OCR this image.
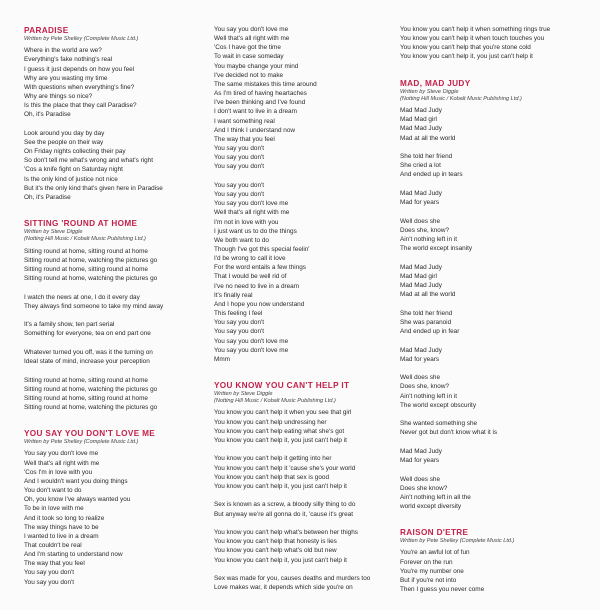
PARADISE
Written by Pete Shelley (Complete Music Ltd.)
Where in the world are we?
Everything's fake nothing's real
I guess it just depends on how you feel
Why are you wasting my time
With questions when everything's fine?
Why are things so nice?
Is this the place that they call Paradise?
Oh, it's Paradise
Look around you day by day
See the people on their way
On Friday nights collecting their pay
So don't tell me what's wrong and what's right
'Cos a knife fight on Saturday night
Is the only kind of justice not nice
But it's the only kind that's given here in Paradise
Oh, it's Paradise
SITTING 'ROUND AT HOME
Written by Steve Diggle
(Notting Hill Music / Kobalt Music Publishing Ltd.)
Sitting round at home, sitting round at home
Sitting round at home, watching the pictures go
Sitting round at home, sitting round at home
Sitting round at home, watching the pictures go
I watch the news at one, I do it every day
They always find someone to take my mind away
It's a family show, ten part serial
Something for everyone, tea on end part one
Whatever turned you off, was it the turning on
Ideal state of mind, increase your perception
Sitting round at home, sitting round at home
Sitting round at home, watching the pictures go
Sitting round at home, sitting round at home
Sitting round at home, watching the pictures go
YOU SAY YOU DON'T LOVE ME
Written by Pete Shelley (Complete Music Ltd.)
You say you don't love me
Well that's all right with me
'Cos I'm in love with you
And I wouldn't want you doing things
You don't want to do
Oh, you know I've always wanted you
To be in love with me
And it took so long to realize
The way things have to be
I wanted to live in a dream
That couldn't be real
And I'm starting to understand now
The way that you feel
You say you don't
You say you don't
You say you don't love me
Well that's all right with me
'Cos I have got the time
To wait in case someday
You maybe change your mind
I've decided not to make
The same mistakes this time around
As I'm tired of having heartaches
I've been thinking and I've found
I don't want to live in a dream
I want something real
And I think I understand now
The way that you feel
You say you don't
You say you don't
You say you don't
You say you don't
You say you don't
You say you don't love me
Well that's all right with me
I'm not in love with you
I just want us to do the things
We both want to do
Though I've got this special feelin'
I'd be wrong to call it love
For the word entails a few things
That I would be well rid of
I've no need to live in a dream
It's finally real
And I hope you now understand
This feeling I feel
You say you don't
You say you don't
You say you don't love me
You say you don't love me
Mmm
YOU KNOW YOU CAN'T HELP IT
Written by Steve Diggle
(Notting Hill Music / Kobalt Music Publishing Ltd.)
You know you can't help it when you see that girl
You know you can't help undressing her
You know you can't help eating what she's got
You know you can't help it, you just can't help it
You know you can't help it getting into her
You know you can't help it 'cause she's your world
You know you can't help that sex is good
You know you can't help it, you just can't help it
Sex is known as a screw, a bloody silly thing to do
But anyway we're all gonna do it, 'cause it's great
You know you can't help what's between her thighs
You know you can't help that honesty is lies
You know you can't help what's old but new
You know you can't help it, you just can't help it
Sex was made for you, causes deaths and murders too
Love makes war, it depends which side you're on
You know you can't help it when something rings true
You know you can't help it when touch touches you
You know you can't help that you're stone cold
You know you can't help it, you just can't help it
MAD, MAD JUDY
Written by Steve Diggle
(Notting Hill Music / Kobalt Music Publishing Ltd.)
Mad Mad Judy
Mad Mad girl
Mad Mad Judy
Mad at all the world
She told her friend
She cried a lot
And ended up in tears
Mad Mad Judy
Mad for years
Well does she
Does she, know?
Ain't nothing left in it
The world except insanity
Mad Mad Judy
Mad Mad girl
Mad Mad Judy
Mad at all the world
She told her friend
She was paranoid
And ended up in fear
Mad Mad Judy
Mad for years
Well does she
Does she, know?
Ain't nothing left in it
The world except obscurity
She wanted something she
Never got but don't know what it is
Mad Mad Judy
Mad for years
Well does she
Does she know?
Ain't nothing left in all the
world except diversity
RAISON D'ETRE
Written by Pete Shelley (Complete Music Ltd.)
You're an awful lot of fun
Forever on the run
You're my number one
But if you're not into
Then I guess you never come
